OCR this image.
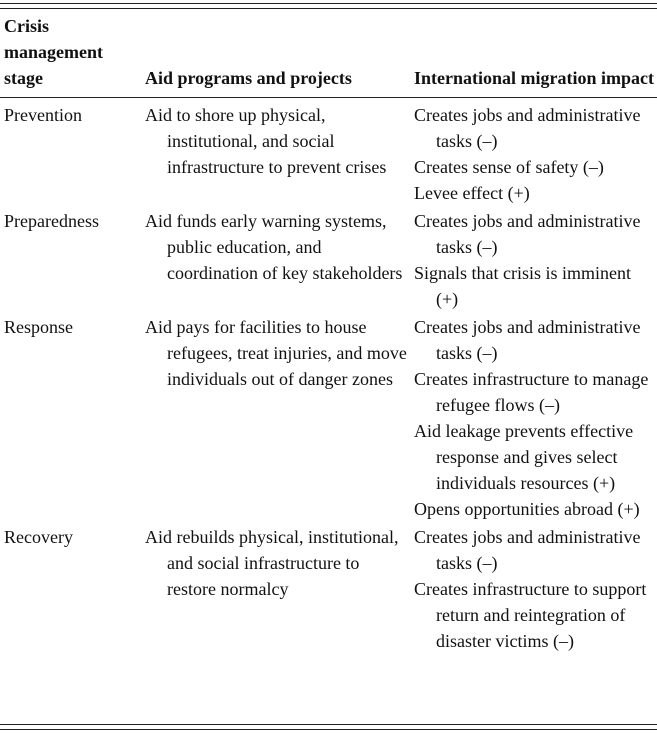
Crisis management stage	Aid programs and projects	International migration impact
Prevention	Aid to shore up physical, institutional, and social infrastructure to prevent crises	Creates jobs and administrative tasks (–)

Creates sense of safety (–)

Levee effect (+)

Preparedness	Aid funds early warning systems, public education, and coordination of key stakeholders	Creates jobs and administrative tasks (–)

Signals that crisis is imminent (+)

Response	Aid pays for facilities to house refugees, treat injuries, and move individuals out of danger zones	Creates jobs and administrative tasks (–)

Creates infrastructure to manage refugee flows (–)

Aid leakage prevents effective response and gives select individuals resources (+)

Opens opportunities abroad (+)

Recovery	Aid rebuilds physical, institutional, and social infrastructure to restore normalcy	Creates jobs and administrative tasks (–)

Creates infrastructure to support return and reintegration of disaster victims (–)
